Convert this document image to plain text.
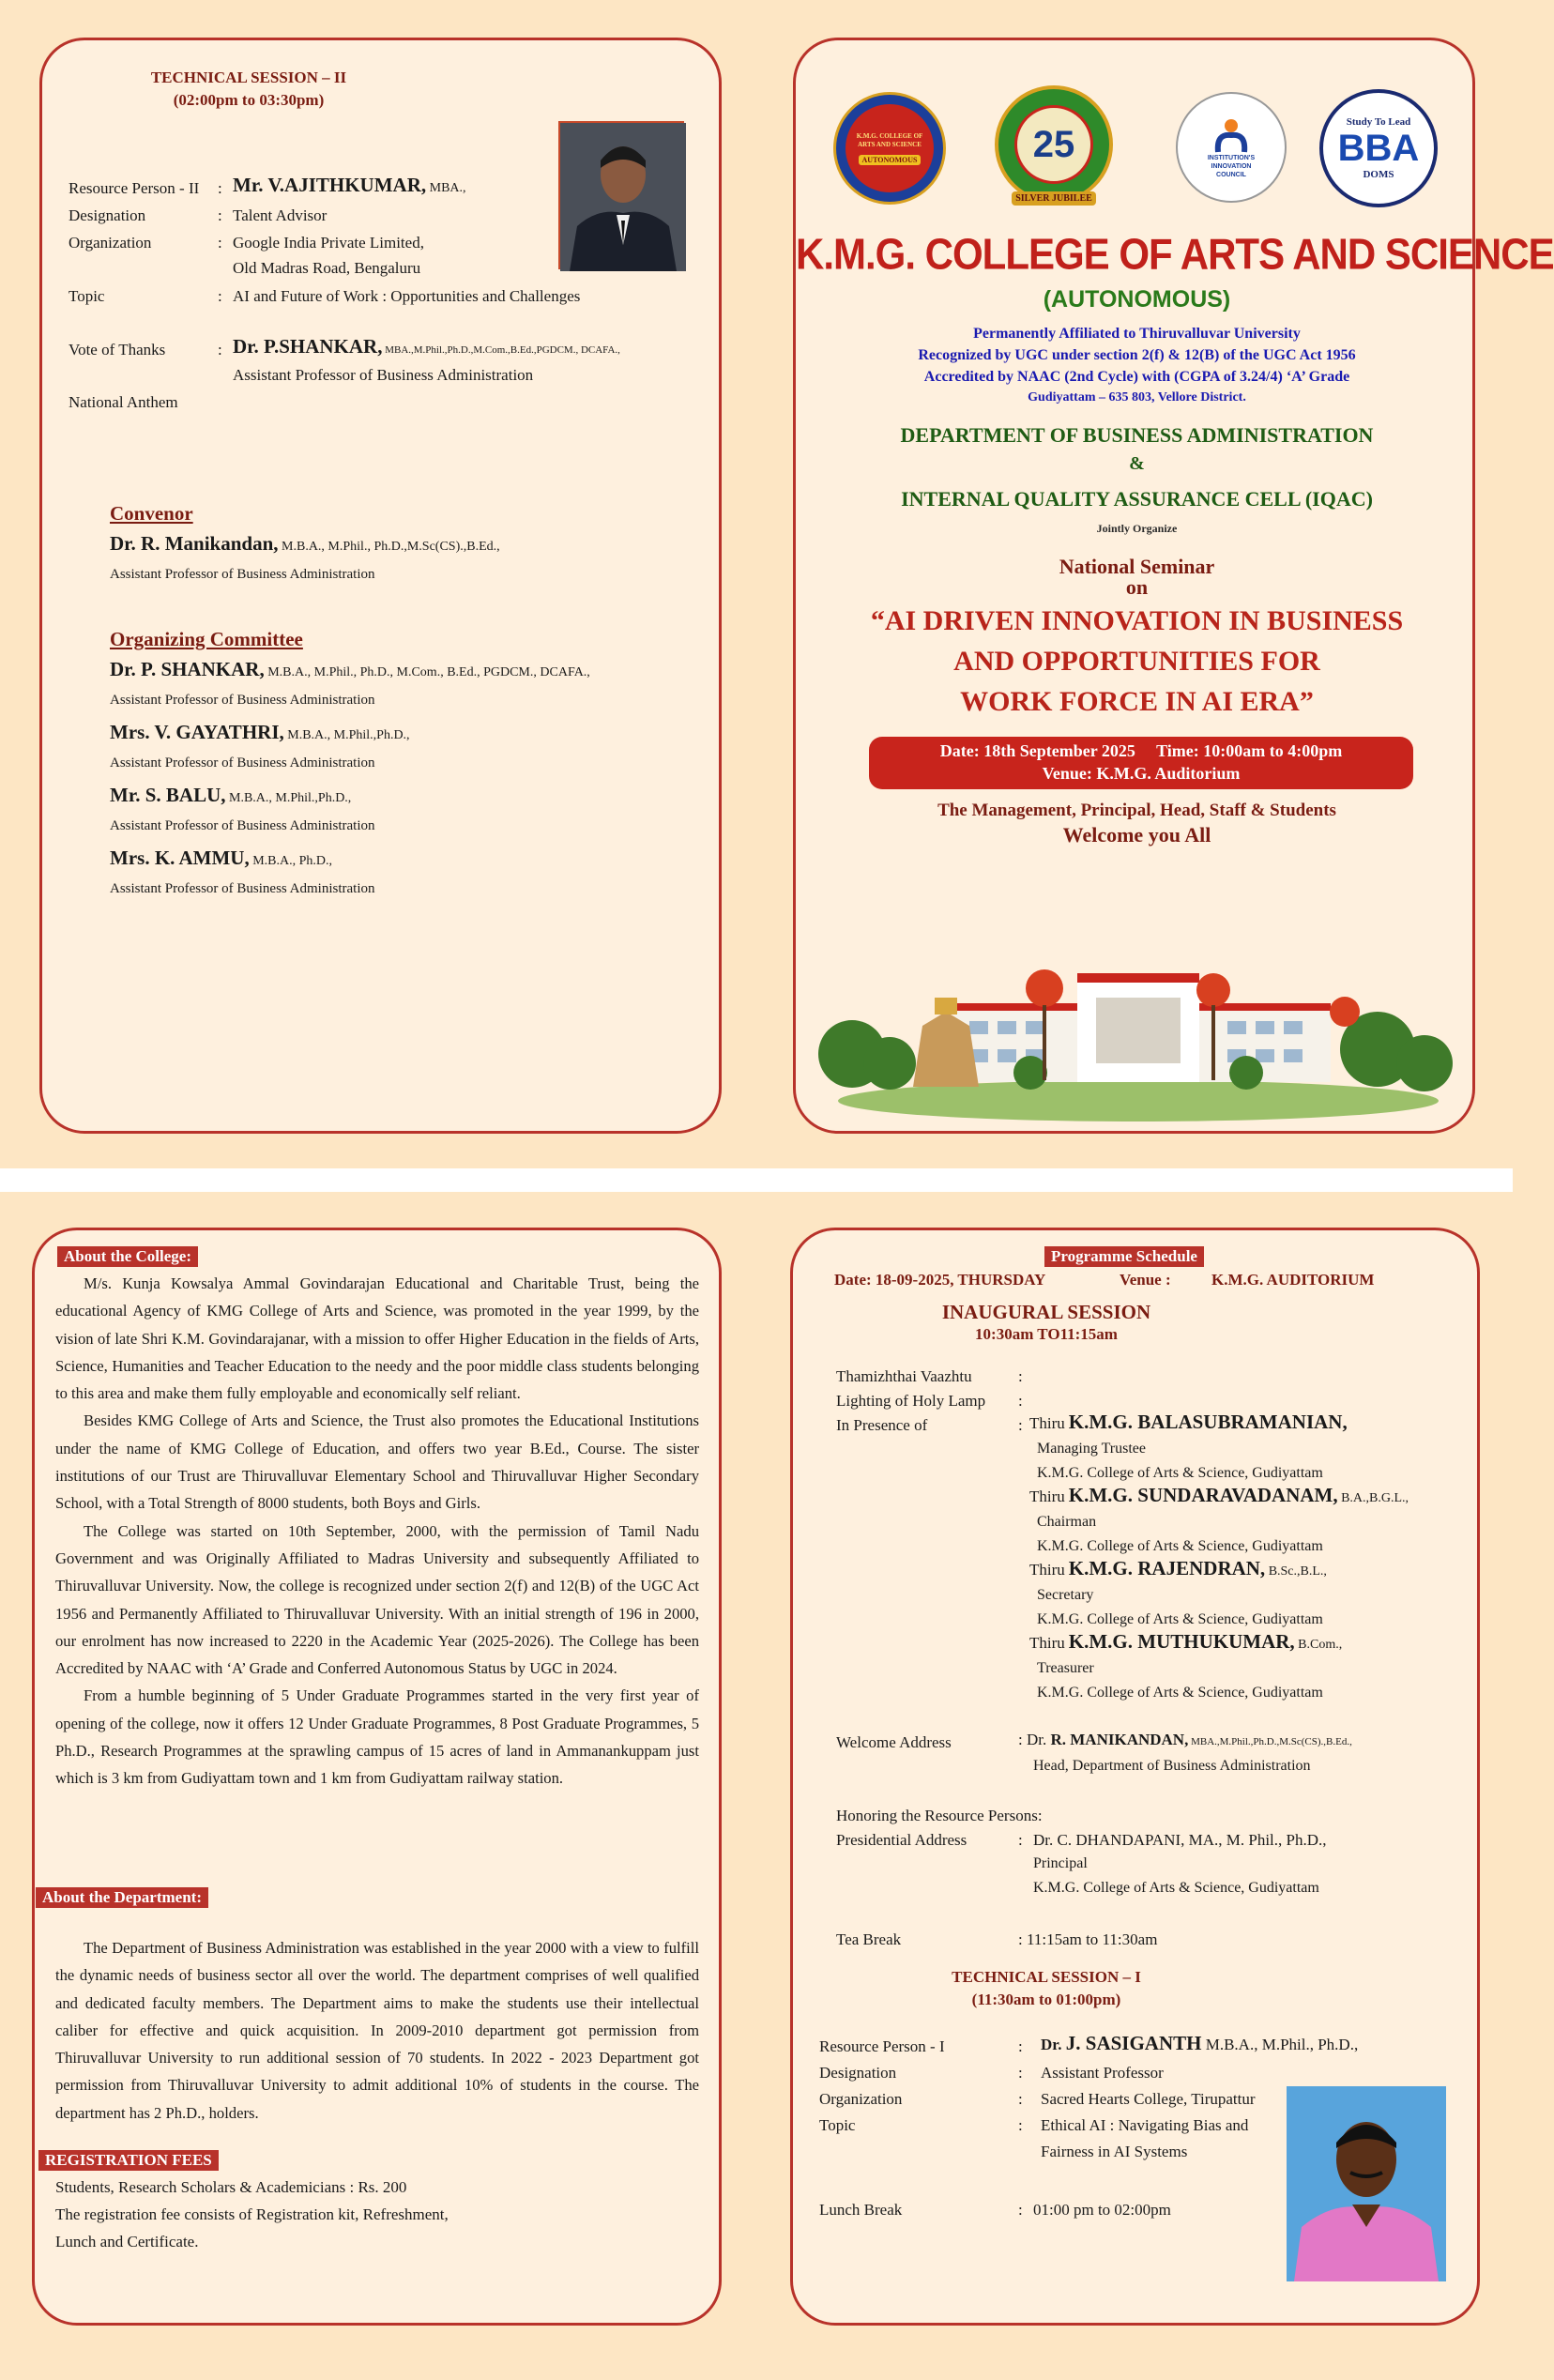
TECHNICAL SESSION – II
(02:00pm to 03:30pm)
Resource Person - II : Mr. V.AJITHKUMAR, MBA.,
Designation	: Talent Advisor
Organization	: Google India Private Limited,
Old Madras Road, Bengaluru
Topic	: AI and Future of Work : Opportunities and Challenges
Vote of Thanks	: Dr. P.SHANKAR, MBA.,M.Phil.,Ph.D.,M.Com.,B.Ed.,PGDCM., DCAFA.,
Assistant Professor of Business Administration
National Anthem
Convenor
Dr. R. Manikandan, M.B.A., M.Phil., Ph.D.,M.Sc(CS).,B.Ed.,
Assistant Professor of Business Administration
Organizing Committee
Dr. P. SHANKAR, M.B.A., M.Phil., Ph.D., M.Com., B.Ed., PGDCM., DCAFA.,
Assistant Professor of Business Administration
Mrs. V. GAYATHRI, M.B.A., M.Phil.,Ph.D.,
Assistant Professor of Business Administration
Mr. S. BALU, M.B.A., M.Phil.,Ph.D.,
Assistant Professor of Business Administration
Mrs. K. AMMU, M.B.A., Ph.D.,
Assistant Professor of Business Administration
K.M.G. COLLEGE OF ARTS AND SCIENCE
AUTONOMOUS	25
SILVER JUBILEE
INSTITUTION'S
INNOVATION
COUNCIL
Study To Lead
BBA
DOMS
K.M.G. COLLEGE OF ARTS AND SCIENCE
(AUTONOMOUS)
Permanently Affiliated to Thiruvalluvar University
Recognized by UGC under section 2(f) & 12(B) of the UGC Act 1956
Accredited by NAAC (2nd Cycle) with (CGPA of 3.24/4) ‘A’ Grade
Gudiyattam – 635 803, Vellore District.
DEPARTMENT OF BUSINESS ADMINISTRATION
&
INTERNAL QUALITY ASSURANCE CELL (IQAC)
Jointly Organize
National Seminar
on
“AI DRIVEN INNOVATION IN BUSINESS
AND OPPORTUNITIES FOR
WORK FORCE IN AI ERA”
Date: 18th September 2025     Time: 10:00am to 4:00pm
Venue: K.M.G. Auditorium
The Management, Principal, Head, Staff & Students
Welcome you All
About the College:

M/s. Kunja Kowsalya Ammal Govindarajan Educational and Charitable Trust, being the educational Agency of KMG College of Arts and Science, was promoted in the year 1999, by the vision of late Shri K.M. Govindarajanar, with a mission to offer Higher Education in the fields of Arts, Science, Humanities and Teacher Education to the needy and the poor middle class students belonging to this area and make them fully employable and economically self reliant.

Besides KMG College of Arts and Science, the Trust also promotes the Educational Institutions under the name of KMG College of Education, and offers two year B.Ed., Course. The sister institutions of our Trust are Thiruvalluvar Elementary School and Thiruvalluvar Higher Secondary School, with a Total Strength of 8000 students, both Boys and Girls.

The College was started on 10th September, 2000, with the permission of Tamil Nadu Government and was Originally Affiliated to Madras University and subsequently Affiliated to Thiruvalluvar University. Now, the college is recognized under section 2(f) and 12(B) of the UGC Act 1956 and Permanently Affiliated to Thiruvalluvar University. With an initial strength of 196 in 2000, our enrolment has now increased to 2220 in the Academic Year (2025-2026). The College has been Accredited by NAAC with ‘A’ Grade and Conferred Autonomous Status by UGC in 2024.

From a humble beginning of 5 Under Graduate Programmes started in the very first year of opening of the college, now it offers 12 Under Graduate Programmes, 8 Post Graduate Programmes, 5 Ph.D., Research Programmes at the sprawling campus of 15 acres of land in Ammanankuppam just which is 3 km from Gudiyattam town and 1 km from Gudiyattam railway station.

About the Department:

The Department of Business Administration was established in the year 2000 with a view to fulfill the dynamic needs of business sector all over the world. The department comprises of well qualified and dedicated faculty members. The Department aims to make the students use their intellectual caliber for effective and quick acquisition. In 2009-2010 department got permission from Thiruvalluvar University to run additional session of 70 students. In 2022 - 2023 Department got permission from Thiruvalluvar University to admit additional 10% of students in the course. The department has 2 Ph.D., holders.

REGISTRATION FEES
Students, Research Scholars & Academicians : Rs. 200
The registration fee consists of Registration kit, Refreshment,
Lunch and Certificate.
Programme Schedule
Date: 18-09-2025, THURSDAY	Venue :	K.M.G. AUDITORIUM
INAUGURAL SESSION
10:30am TO11:15am
Thamizhthai Vaazhtu	:
Lighting of Holy Lamp :
In Presence of	: Thiru K.M.G. BALASUBRAMANIAN,
Managing Trustee
K.M.G. College of Arts & Science, Gudiyattam
Thiru K.M.G. SUNDARAVADANAM, B.A.,B.G.L.,
Chairman
K.M.G. College of Arts & Science, Gudiyattam
Thiru K.M.G. RAJENDRAN, B.Sc.,B.L.,
Secretary
K.M.G. College of Arts & Science, Gudiyattam
Thiru K.M.G. MUTHUKUMAR, B.Com.,
Treasurer
K.M.G. College of Arts & Science, Gudiyattam
Welcome Address	: Dr. R. MANIKANDAN, MBA.,M.Phil.,Ph.D.,M.Sc(CS).,B.Ed.,
Head, Department of Business Administration
Honoring the Resource Persons:
Presidential Address	: Dr. C. DHANDAPANI, MA., M. Phil., Ph.D.,
Principal
K.M.G. College of Arts & Science, Gudiyattam
Tea Break	: 11:15am to 11:30am
TECHNICAL SESSION – I
(11:30am to 01:00pm)
Resource Person - I	: Dr. J. SASIGANTH M.B.A., M.Phil., Ph.D.,
Designation	: Assistant Professor
Organization	: Sacred Hearts College, Tirupattur
Topic	: Ethical AI : Navigating Bias and
Fairness in AI Systems
Lunch Break	: 01:00 pm to 02:00pm
